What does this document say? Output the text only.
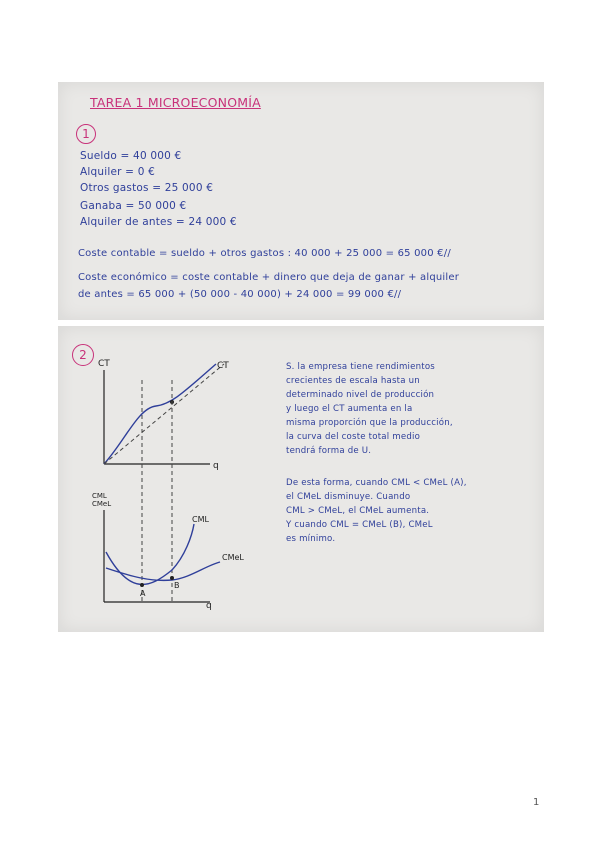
TAREA 1 MICROECONOMÍA
1
Sueldo = 40 000 €
Alquiler = 0 €
Otros gastos = 25 000 €
Ganaba = 50 000 €
Alquiler de antes = 24 000 €
Coste contable = sueldo + otros gastos : 40 000 + 25 000 = 65 000 €//
Coste económico = coste contable + dinero que deja de ganar + alquiler
de antes = 65 000 + (50 000 - 40 000) + 24 000 = 99 000 €//
2
CT
q
CT
CML
CMeL
q
CML
CMeL
A
B
S. la empresa tiene rendimientos
crecientes de escala hasta un
determinado nivel de producción
y luego el CT aumenta en la
misma proporción que la producción,
la curva del coste total medio
tendrá forma de U.
De esta forma, cuando CML < CMeL (A),
el CMeL disminuye. Cuando
CML > CMeL, el CMeL aumenta.
Y cuando CML = CMeL (B), CMeL
es mínimo.
1
